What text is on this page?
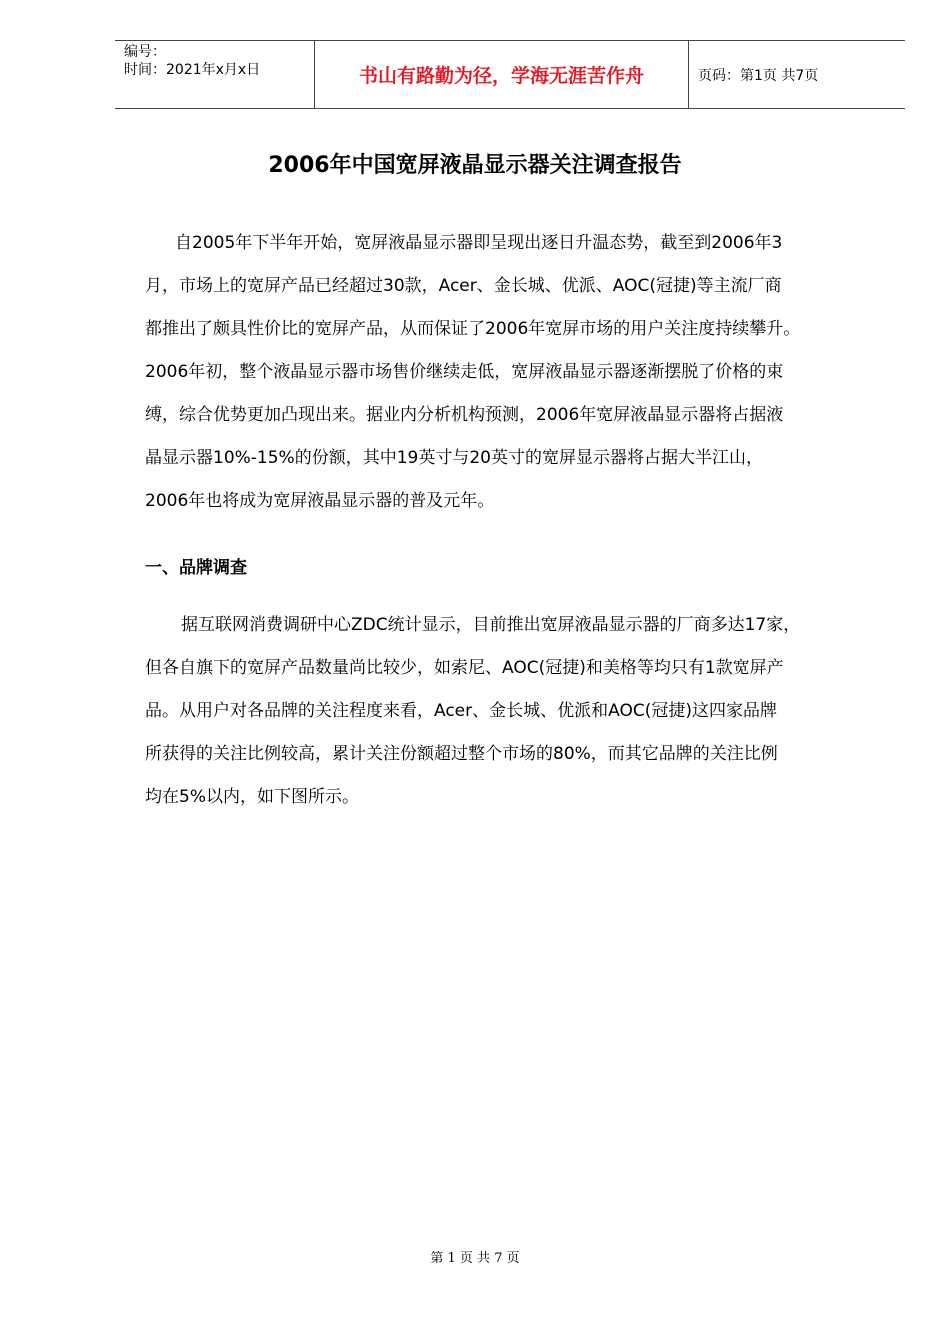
编号：
时间：2021年x月x日	书山有路勤为径，学海无涯苦作舟	页码：第1页 共7页
2006年中国宽屏液晶显示器关注调查报告

自2005年下半年开始，宽屏液晶显示器即呈现出逐日升温态势，截至到2006年3
月，市场上的宽屏产品已经超过30款，Acer、金长城、优派、AOC(冠捷)等主流厂商
都推出了颇具性价比的宽屏产品，从而保证了2006年宽屏市场的用户关注度持续攀升。
2006年初，整个液晶显示器市场售价继续走低，宽屏液晶显示器逐渐摆脱了价格的束
缚，综合优势更加凸现出来。据业内分析机构预测，2006年宽屏液晶显示器将占据液
晶显示器10%-15%的份额，其中19英寸与20英寸的宽屏显示器将占据大半江山，
2006年也将成为宽屏液晶显示器的普及元年。

一、品牌调查

据互联网消费调研中心ZDC统计显示，目前推出宽屏液晶显示器的厂商多达17家，
但各自旗下的宽屏产品数量尚比较少，如索尼、AOC(冠捷)和美格等均只有1款宽屏产
品。从用户对各品牌的关注程度来看，Acer、金长城、优派和AOC(冠捷)这四家品牌
所获得的关注比例较高，累计关注份额超过整个市场的80%，而其它品牌的关注比例
均在5%以内，如下图所示。

第 1 页 共 7 页
